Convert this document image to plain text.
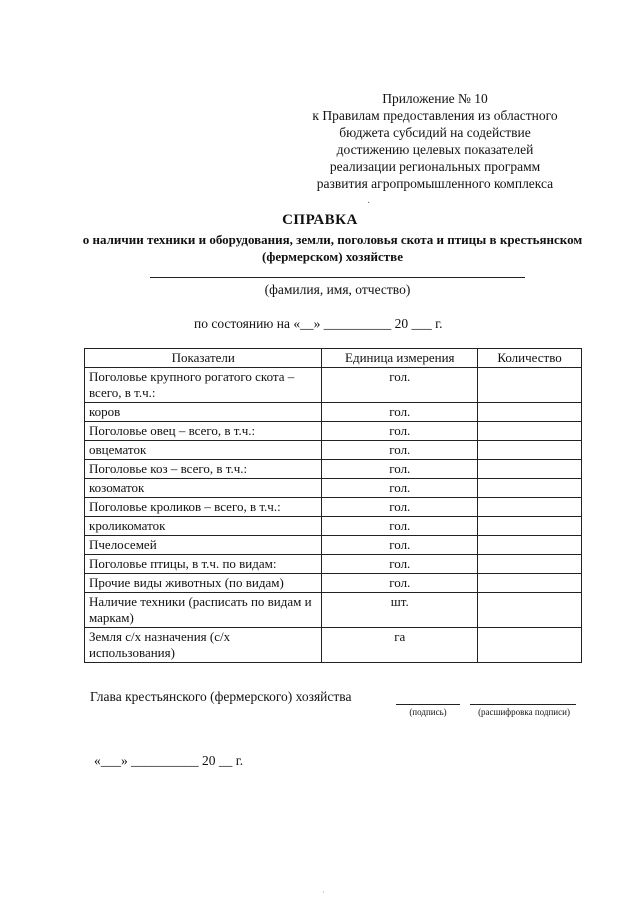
Приложение № 10
к Правилам предоставления из областного
бюджета субсидий на содействие
достижению целевых показателей
реализации региональных программ
развития агропромышленного комплекса
·
СПРАВКА
о наличии техники и оборудования, земли, поголовья скота и птицы в крестьянском (фермерском) хозяйстве
(фамилия, имя, отчество)
по состоянию на «__» __________ 20 ___ г.
Показатели	Единица измерения	Количество
Поголовье крупного рогатого скота – всего, в т.ч.:	гол.	
коров	гол.	
Поголовье овец – всего, в т.ч.:	гол.	
овцематок	гол.	
Поголовье коз – всего, в т.ч.:	гол.	
козоматок	гол.	
Поголовье кроликов – всего, в т.ч.:	гол.	
кроликоматок	гол.	
Пчелосемей	гол.	
Поголовье птицы, в т.ч. по видам:	гол.	
Прочие виды животных (по видам)	гол.	
Наличие техники (расписать по видам и маркам)	шт.	
Земля с/х назначения (с/х использования)	га	
Глава крестьянского (фермерского) хозяйства
(подпись)	(расшифровка подписи)
«___» __________ 20 __ г.
·
